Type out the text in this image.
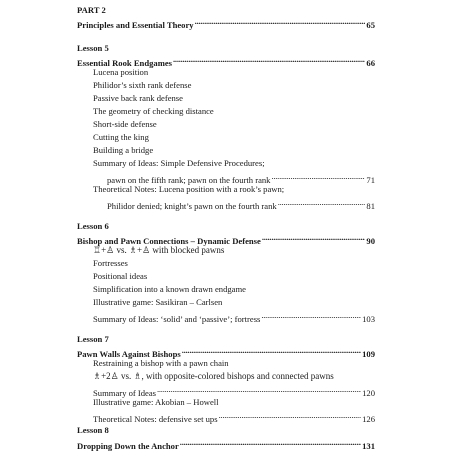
PART 2
Principles and Essential Theory . . .	65
Lesson 5
Essential Rook Endgames . . .	66
Lucena position
Philidor’s sixth rank defense
Passive back rank defense
The geometry of checking distance
Short-side defense
Cutting the king
Building a bridge
Summary of Ideas: Simple Defensive Procedures;
pawn on the fifth rank; pawn on the fourth rank . . .	71
Theoretical Notes: Lucena position with a rook’s pawn;
Philidor denied; knight’s pawn on the fourth rank . . .	81
Lesson 6
Bishop and Pawn Connections – Dynamic Defense . . .	90
♖+♙ vs. ♗+♙ with blocked pawns
Fortresses
Positional ideas
Simplification into a known drawn endgame
Illustrative game: Sasikiran – Carlsen
Summary of Ideas: ‘solid’ and ‘passive’; fortress . . .	103
Lesson 7
Pawn Walls Against Bishops . . .	109
Restraining a bishop with a pawn chain
♗+2♙ vs. ♗, with opposite-colored bishops and connected pawns
Summary of Ideas . . .	120
Illustrative game: Akobian – Howell
Theoretical Notes: defensive set ups . . .	126
Lesson 8
Dropping Down the Anchor . . .	131
